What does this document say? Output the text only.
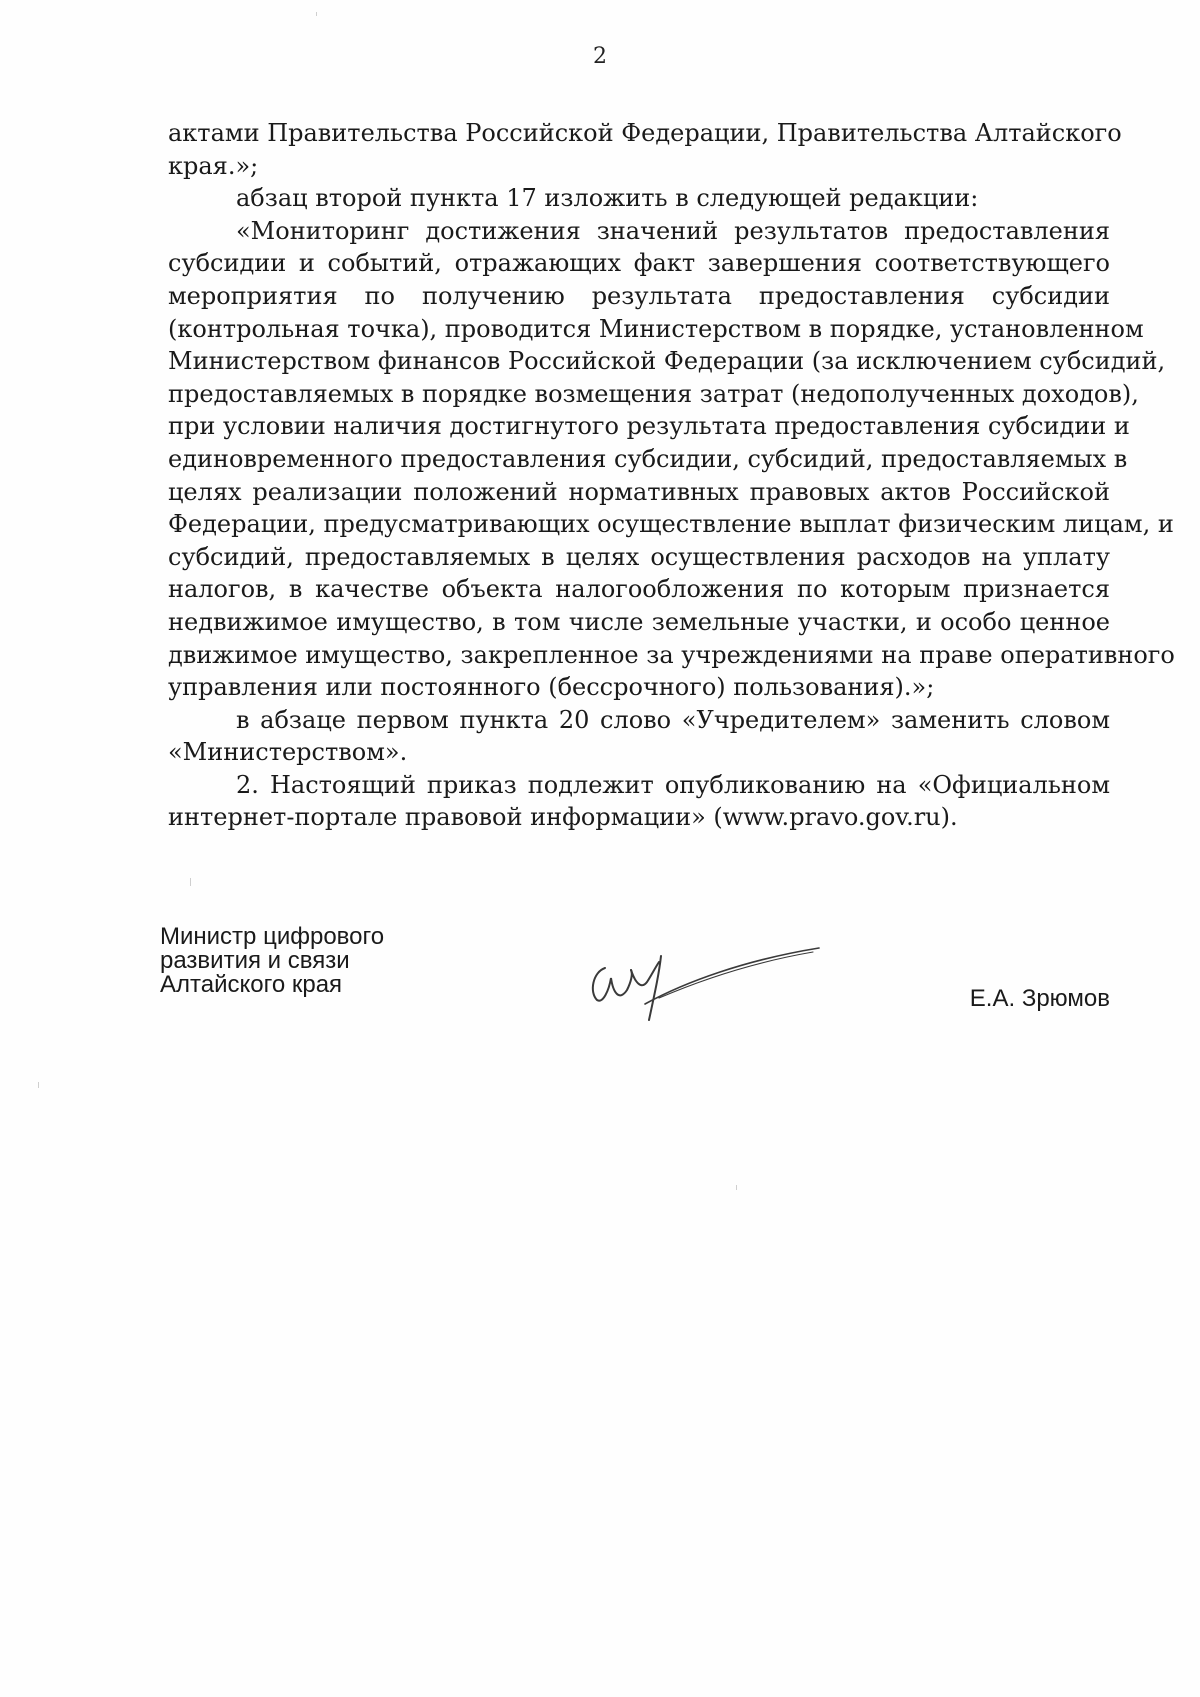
2
актами Правительства Российской Федерации, Правительства Алтайского
края.»;
абзац второй пункта 17 изложить в следующей редакции:
«Мониторинг достижения значений результатов предоставления
субсидии и событий, отражающих факт завершения соответствующего
мероприятия по получению результата предоставления субсидии
(контрольная точка), проводится Министерством в порядке, установленном
Министерством финансов Российской Федерации (за исключением субсидий,
предоставляемых в порядке возмещения затрат (недополученных доходов),
при условии наличия достигнутого результата предоставления субсидии и
единовременного предоставления субсидии, субсидий, предоставляемых в
целях реализации положений нормативных правовых актов Российской
Федерации, предусматривающих осуществление выплат физическим лицам, и
субсидий, предоставляемых в целях осуществления расходов на уплату
налогов, в качестве объекта налогообложения по которым признается
недвижимое имущество, в том числе земельные участки, и особо ценное
движимое имущество, закрепленное за учреждениями на праве оперативного
управления или постоянного (бессрочного) пользования).»;
в абзаце первом пункта 20 слово «Учредителем» заменить словом
«Министерством».
2. Настоящий приказ подлежит опубликованию на «Официальном
интернет-портале правовой информации» (www.pravo.gov.ru).
Министр цифрового
развития и связи
Алтайского края
Е.А. Зрюмов
